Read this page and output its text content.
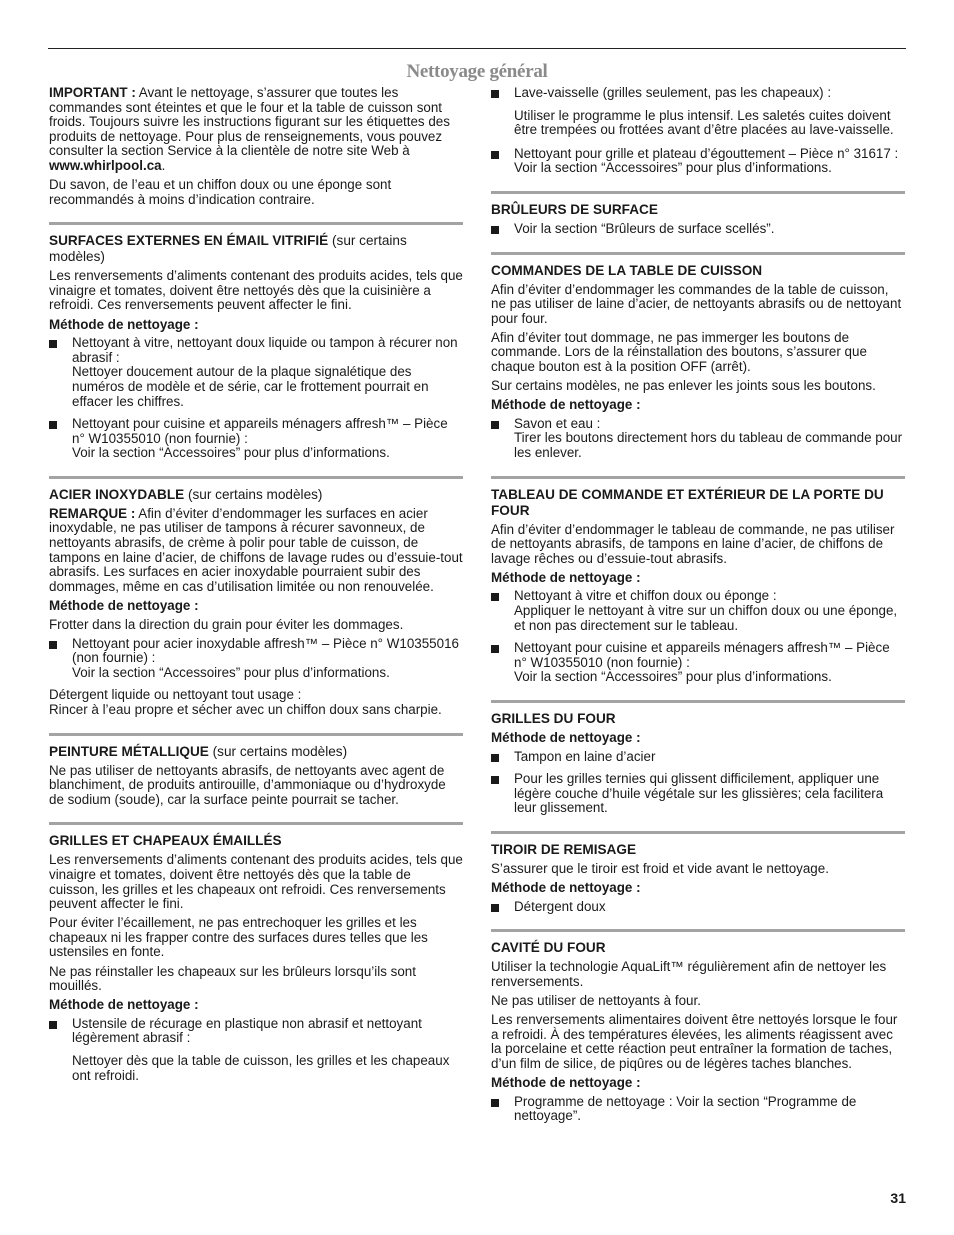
Nettoyage général

IMPORTANT : Avant le nettoyage, s’assurer que toutes les commandes sont éteintes et que le four et la table de cuisson sont froids. Toujours suivre les instructions figurant sur les étiquettes des produits de nettoyage. Pour plus de renseignements, vous pouvez consulter la section Service à la clientèle de notre site Web à www.whirlpool.ca.

Du savon, de l’eau et un chiffon doux ou une éponge sont recommandés à moins d’indication contraire.

SURFACES EXTERNES EN ÉMAIL VITRIFIÉ (sur certains modèles)

Les renversements d’aliments contenant des produits acides, tels que vinaigre et tomates, doivent être nettoyés dès que la cuisinière a refroidi. Ces renversements peuvent affecter le fini.

Méthode de nettoyage :

Nettoyant à vitre, nettoyant doux liquide ou tampon à récurer non abrasif :
Nettoyer doucement autour de la plaque signalétique des numéros de modèle et de série, car le frottement pourrait en effacer les chiffres.
Nettoyant pour cuisine et appareils ménagers affresh™ – Pièce n° W10355010 (non fournie) :
Voir la section “Accessoires” pour plus d’informations.
ACIER INOXYDABLE (sur certains modèles)

REMARQUE : Afin d’éviter d’endommager les surfaces en acier inoxydable, ne pas utiliser de tampons à récurer savonneux, de nettoyants abrasifs, de crème à polir pour table de cuisson, de tampons en laine d’acier, de chiffons de lavage rudes ou d’essuie-tout abrasifs. Les surfaces en acier inoxydable pourraient subir des dommages, même en cas d’utilisation limitée ou non renouvelée.

Méthode de nettoyage :

Frotter dans la direction du grain pour éviter les dommages.

Nettoyant pour acier inoxydable affresh™ – Pièce n° W10355016 (non fournie) :
Voir la section “Accessoires” pour plus d’informations.

Détergent liquide ou nettoyant tout usage :
Rincer à l’eau propre et sécher avec un chiffon doux sans charpie.

PEINTURE MÉTALLIQUE (sur certains modèles)

Ne pas utiliser de nettoyants abrasifs, de nettoyants avec agent de blanchiment, de produits antirouille, d’ammoniaque ou d’hydroxyde de sodium (soude), car la surface peinte pourrait se tacher.

GRILLES ET CHAPEAUX ÉMAILLÉS

Les renversements d’aliments contenant des produits acides, tels que vinaigre et tomates, doivent être nettoyés dès que la table de cuisson, les grilles et les chapeaux ont refroidi. Ces renversements peuvent affecter le fini.

Pour éviter l’écaillement, ne pas entrechoquer les grilles et les chapeaux ni les frapper contre des surfaces dures telles que les ustensiles en fonte.

Ne pas réinstaller les chapeaux sur les brûleurs lorsqu’ils sont mouillés.

Méthode de nettoyage :

Ustensile de récurage en plastique non abrasif et nettoyant légèrement abrasif :

Nettoyer dès que la table de cuisson, les grilles et les chapeaux ont refroidi.

Lave-vaisselle (grilles seulement, pas les chapeaux) :

Utiliser le programme le plus intensif. Les saletés cuites doivent être trempées ou frottées avant d’être placées au lave-vaisselle.

Nettoyant pour grille et plateau d’égouttement – Pièce n° 31617 : Voir la section “Accessoires” pour plus d’informations.
BRÛLEURS DE SURFACE
Voir la section “Brûleurs de surface scellés”.
COMMANDES DE LA TABLE DE CUISSON

Afin d’éviter d’endommager les commandes de la table de cuisson, ne pas utiliser de laine d’acier, de nettoyants abrasifs ou de nettoyant pour four.

Afin d’éviter tout dommage, ne pas immerger les boutons de commande. Lors de la réinstallation des boutons, s’assurer que chaque bouton est à la position OFF (arrêt).

Sur certains modèles, ne pas enlever les joints sous les boutons.

Méthode de nettoyage :

Savon et eau :
Tirer les boutons directement hors du tableau de commande pour les enlever.
TABLEAU DE COMMANDE ET EXTÉRIEUR DE LA PORTE DU FOUR

Afin d’éviter d’endommager le tableau de commande, ne pas utiliser de nettoyants abrasifs, de tampons en laine d’acier, de chiffons de lavage rêches ou d’essuie-tout abrasifs.

Méthode de nettoyage :

Nettoyant à vitre et chiffon doux ou éponge :
Appliquer le nettoyant à vitre sur un chiffon doux ou une éponge, et non pas directement sur le tableau.
Nettoyant pour cuisine et appareils ménagers affresh™ – Pièce n° W10355010 (non fournie) :
Voir la section “Accessoires” pour plus d’informations.
GRILLES DU FOUR

Méthode de nettoyage :

Tampon en laine d’acier
Pour les grilles ternies qui glissent difficilement, appliquer une légère couche d’huile végétale sur les glissières; cela facilitera leur glissement.
TIROIR DE REMISAGE

S’assurer que le tiroir est froid et vide avant le nettoyage.

Méthode de nettoyage :

Détergent doux
CAVITÉ DU FOUR

Utiliser la technologie AquaLift™ régulièrement afin de nettoyer les renversements.

Ne pas utiliser de nettoyants à four.

Les renversements alimentaires doivent être nettoyés lorsque le four a refroidi. À des températures élevées, les aliments réagissent avec la porcelaine et cette réaction peut entraîner la formation de taches, d’un film de silice, de piqûres ou de légères taches blanches.

Méthode de nettoyage :

Programme de nettoyage : Voir la section “Programme de nettoyage”.
31
